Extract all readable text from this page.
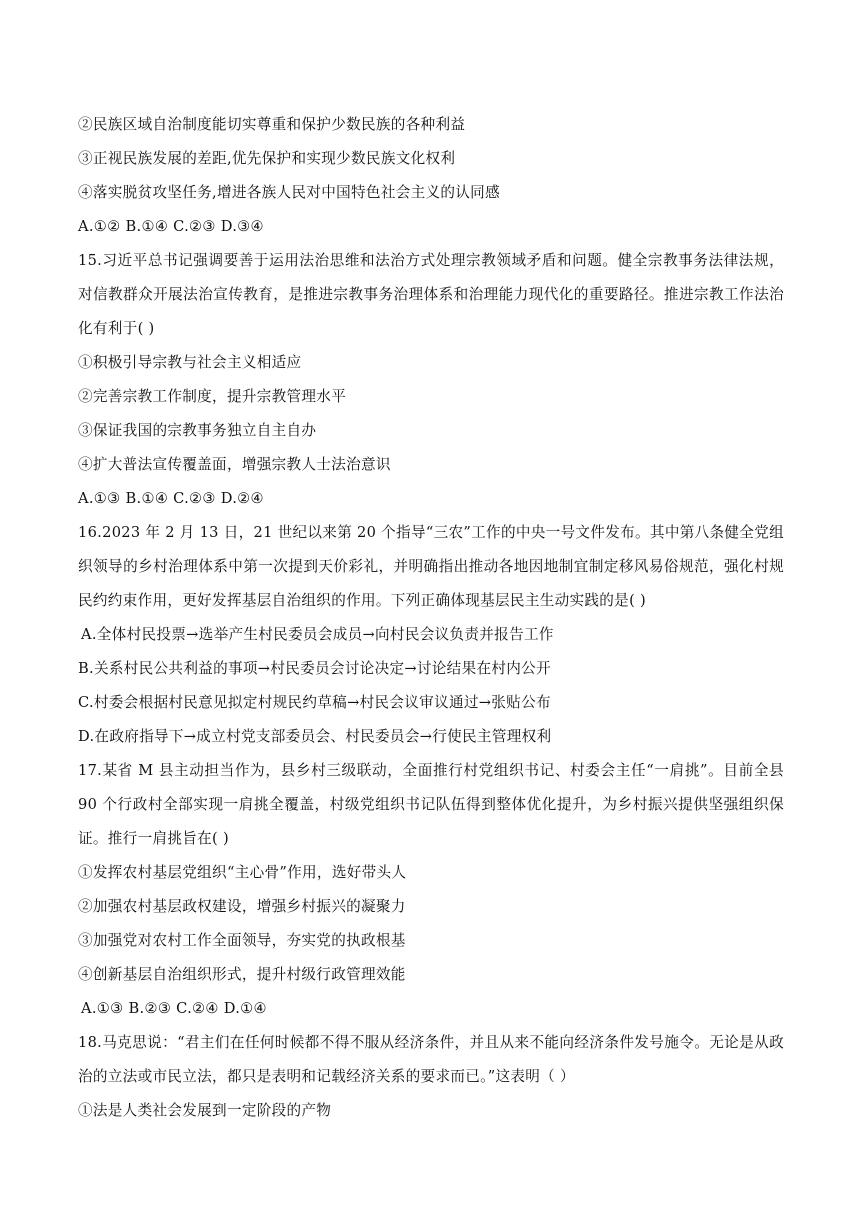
②民族区域自治制度能切实尊重和保护少数民族的各种利益
③正视民族发展的差距,优先保护和实现少数民族文化权利
④落实脱贫攻坚任务,增进各族人民对中国特色社会主义的认同感
A.①② B.①④ C.②③ D.③④

15.习近平总书记强调要善于运用法治思维和法治方式处理宗教领域矛盾和问题。健全宗教事务法律法规，对信教群众开展法治宣传教育，是推进宗教事务治理体系和治理能力现代化的重要路径。推进宗教工作法治化有利于( )

①积极引导宗教与社会主义相适应
②完善宗教工作制度，提升宗教管理水平
③保证我国的宗教事务独立自主自办
④扩大普法宣传覆盖面，增强宗教人士法治意识
A.①③ B.①④ C.②③ D.②④

16.2023 年 2 月 13 日，21 世纪以来第 20 个指导“三农”工作的中央一号文件发布。其中第八条健全党组织领导的乡村治理体系中第一次提到天价彩礼，并明确指出推动各地因地制宜制定移风易俗规范，强化村规民约约束作用，更好发挥基层自治组织的作用。下列正确体现基层民主生动实践的是( )

A.全体村民投票→选举产生村民委员会成员→向村民会议负责并报告工作
B.关系村民公共利益的事项→村民委员会讨论决定→讨论结果在村内公开
C.村委会根据村民意见拟定村规民约草稿→村民会议审议通过→张贴公布
D.在政府指导下→成立村党支部委员会、村民委员会→行使民主管理权利

17.某省 M 县主动担当作为，县乡村三级联动，全面推行村党组织书记、村委会主任“一肩挑”。目前全县 90 个行政村全部实现一肩挑全覆盖，村级党组织书记队伍得到整体优化提升，为乡村振兴提供坚强组织保证。推行一肩挑旨在( )

①发挥农村基层党组织“主心骨”作用，选好带头人
②加强农村基层政权建设，增强乡村振兴的凝聚力
③加强党对农村工作全面领导，夯实党的执政根基
④创新基层自治组织形式，提升村级行政管理效能
A.①③ B.②③ C.②④ D.①④

18.马克思说：“君主们在任何时候都不得不服从经济条件，并且从来不能向经济条件发号施令。无论是从政治的立法或市民立法，都只是表明和记载经济关系的要求而已。”这表明（ ）

①法是人类社会发展到一定阶段的产物
